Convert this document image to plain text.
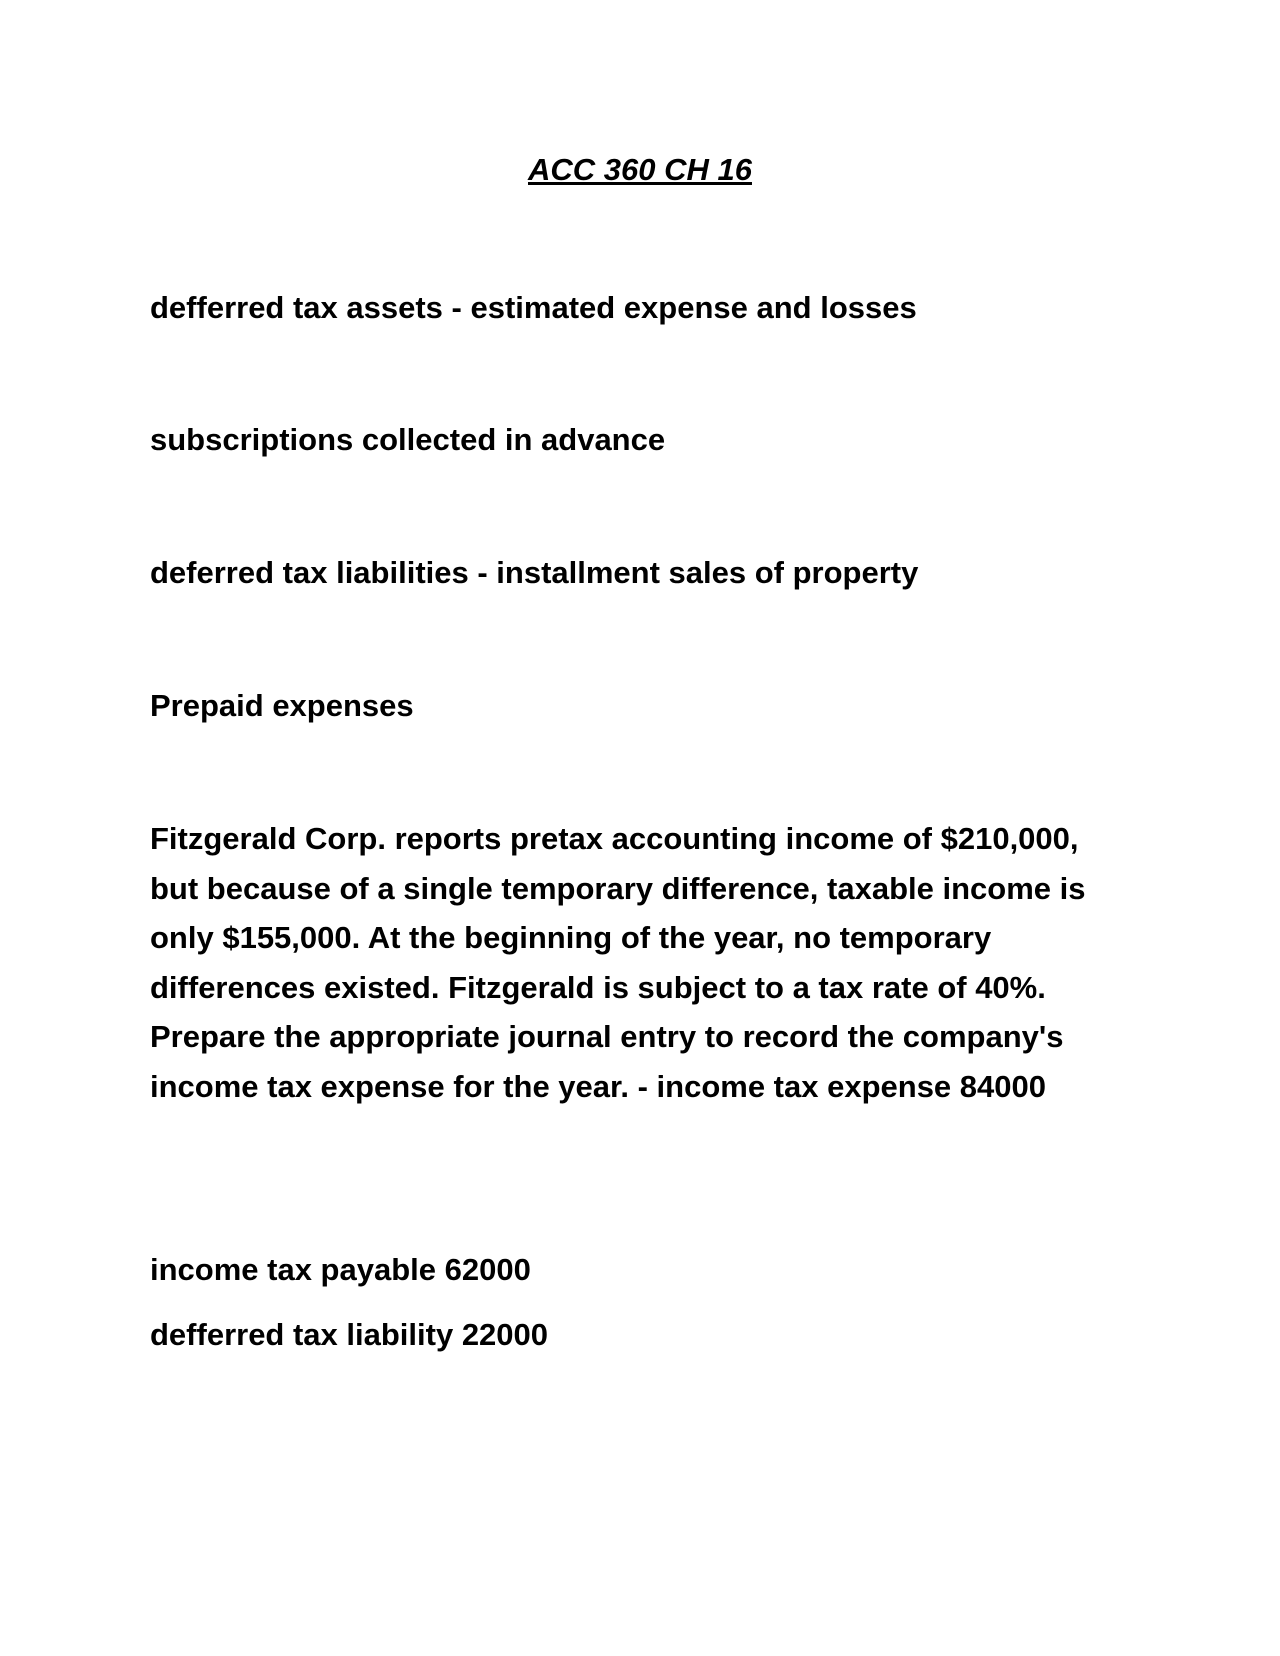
ACC 360 CH 16

defferred tax assets - estimated expense and losses

subscriptions collected in advance

deferred tax liabilities - installment sales of property

Prepaid expenses

Fitzgerald Corp. reports pretax accounting income of $210,000, but because of a single temporary difference, taxable income is only $155,000. At the beginning of the year, no temporary differences existed. Fitzgerald is subject to a tax rate of 40%. Prepare the appropriate journal entry to record the company's income tax expense for the year. - income tax expense 84000

income tax payable 62000

defferred tax liability 22000
